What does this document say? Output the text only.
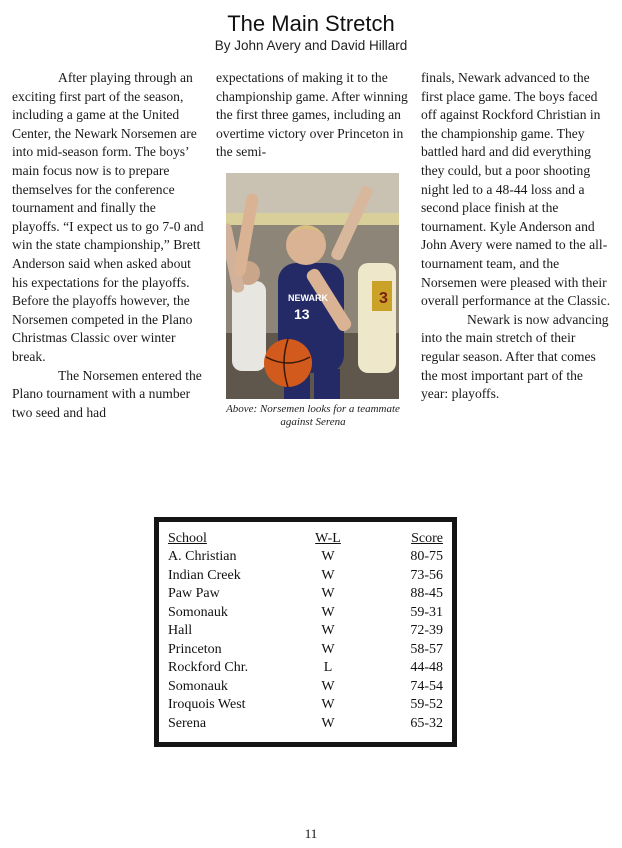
The Main Stretch
By John Avery and David Hillard

After playing through an exciting first part of the season, including a game at the United Center, the Newark Norsemen are into mid-season form. The boys’ main focus now is to prepare themselves for the conference tournament and finally the playoffs. “I expect us to go 7-0 and win the state championship,” Brett Anderson said when asked about his expectations for the playoffs. Before the playoffs however, the Norsemen competed in the Plano Christmas Classic over winter break.

The Norsemen entered the Plano tournament with a number two seed and had

expectations of making it to the championship game. After winning the first three games, including an overtime victory over Princeton in the semi-

3
NEWARK
13
Above: Norsemen looks for a teammate against Serena

finals, Newark advanced to the first place game. The boys faced off against Rockford Christian in the championship game. They battled hard and did everything they could, but a poor shooting night led to a 48-44 loss and a second place finish at the tournament. Kyle Anderson and John Avery were named to the all-tournament team, and the Norsemen were pleased with their overall performance at the Classic.

Newark is now advancing into the main stretch of their regular season. After that comes the most important part of the year: playoffs.

School	W-L	Score
A. Christian	W	80-75
Indian Creek	W	73-56
Paw Paw	W	88-45
Somonauk	W	59-31
Hall	W	72-39
Princeton	W	58-57
Rockford Chr.	L	44-48
Somonauk	W	74-54
Iroquois West	W	59-52
Serena	W	65-32
11
